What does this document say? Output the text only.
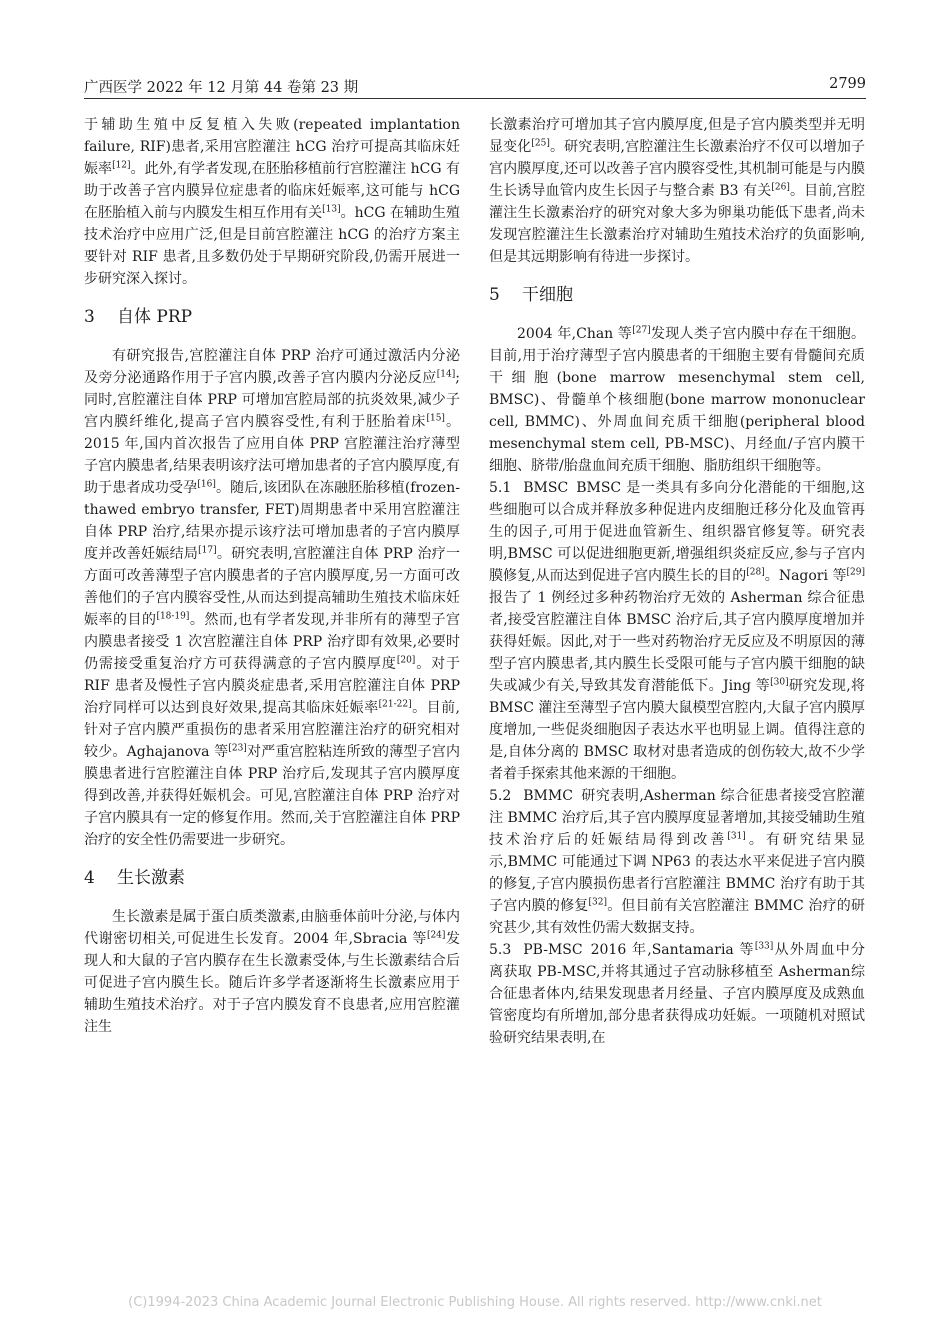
广西医学 2022 年 12 月第 44 卷第 23 期	2799

于辅助生殖中反复植入失败(repeated implantation failure, RIF)患者,采用宫腔灌注 hCG 治疗可提高其临床妊娠率[12]。此外,有学者发现,在胚胎移植前行宫腔灌注 hCG 有助于改善子宫内膜异位症患者的临床妊娠率,这可能与 hCG 在胚胎植入前与内膜发生相互作用有关[13]。hCG 在辅助生殖技术治疗中应用广泛,但是目前宫腔灌注 hCG 的治疗方案主要针对 RIF 患者,且多数仍处于早期研究阶段,仍需开展进一步研究深入探讨。

3 自体 PRP

有研究报告,宫腔灌注自体 PRP 治疗可通过激活内分泌及旁分泌通路作用于子宫内膜,改善子宫内膜内分泌反应[14];同时,宫腔灌注自体 PRP 可增加宫腔局部的抗炎效果,减少子宫内膜纤维化,提高子宫内膜容受性,有利于胚胎着床[15]。2015 年,国内首次报告了应用自体 PRP 宫腔灌注治疗薄型子宫内膜患者,结果表明该疗法可增加患者的子宫内膜厚度,有助于患者成功受孕[16]。随后,该团队在冻融胚胎移植(frozen-thawed embryo transfer, FET)周期患者中采用宫腔灌注自体 PRP 治疗,结果亦提示该疗法可增加患者的子宫内膜厚度并改善妊娠结局[17]。研究表明,宫腔灌注自体 PRP 治疗一方面可改善薄型子宫内膜患者的子宫内膜厚度,另一方面可改善他们的子宫内膜容受性,从而达到提高辅助生殖技术临床妊娠率的目的[18-19]。然而,也有学者发现,并非所有的薄型子宫内膜患者接受 1 次宫腔灌注自体 PRP 治疗即有效果,必要时仍需接受重复治疗方可获得满意的子宫内膜厚度[20]。对于 RIF 患者及慢性子宫内膜炎症患者,采用宫腔灌注自体 PRP 治疗同样可以达到良好效果,提高其临床妊娠率[21-22]。目前,针对子宫内膜严重损伤的患者采用宫腔灌注治疗的研究相对较少。Aghajanova 等[23]对严重宫腔粘连所致的薄型子宫内膜患者进行宫腔灌注自体 PRP 治疗后,发现其子宫内膜厚度得到改善,并获得妊娠机会。可见,宫腔灌注自体 PRP 治疗对子宫内膜具有一定的修复作用。然而,关于宫腔灌注自体 PRP 治疗的安全性仍需要进一步研究。

4 生长激素

生长激素是属于蛋白质类激素,由脑垂体前叶分泌,与体内代谢密切相关,可促进生长发育。2004 年,Sbracia 等[24]发现人和大鼠的子宫内膜存在生长激素受体,与生长激素结合后可促进子宫内膜生长。随后许多学者逐渐将生长激素应用于辅助生殖技术治疗。对于子宫内膜发育不良患者,应用宫腔灌注生

长激素治疗可增加其子宫内膜厚度,但是子宫内膜类型并无明显变化[25]。研究表明,宫腔灌注生长激素治疗不仅可以增加子宫内膜厚度,还可以改善子宫内膜容受性,其机制可能是与内膜生长诱导血管内皮生长因子与整合素 B3 有关[26]。目前,宫腔灌注生长激素治疗的研究对象大多为卵巢功能低下患者,尚未发现宫腔灌注生长激素治疗对辅助生殖技术治疗的负面影响,但是其远期影响有待进一步探讨。

5 干细胞

2004 年,Chan 等[27]发现人类子宫内膜中存在干细胞。目前,用于治疗薄型子宫内膜患者的干细胞主要有骨髓间充质干细胞(bone marrow mesenchymal stem cell, BMSC)、骨髓单个核细胞(bone marrow mononuclear cell, BMMC)、外周血间充质干细胞(peripheral blood mesenchymal stem cell, PB-MSC)、月经血/子宫内膜干细胞、脐带/胎盘血间充质干细胞、脂肪组织干细胞等。

5.1 BMSC BMSC 是一类具有多向分化潜能的干细胞,这些细胞可以合成并释放多种促进内皮细胞迁移分化及血管再生的因子,可用于促进血管新生、组织器官修复等。研究表明,BMSC 可以促进细胞更新,增强组织炎症反应,参与子宫内膜修复,从而达到促进子宫内膜生长的目的[28]。Nagori 等[29]报告了 1 例经过多种药物治疗无效的 Asherman 综合征患者,接受宫腔灌注自体 BMSC 治疗后,其子宫内膜厚度增加并获得妊娠。因此,对于一些对药物治疗无反应及不明原因的薄型子宫内膜患者,其内膜生长受限可能与子宫内膜干细胞的缺失或减少有关,导致其发育潜能低下。Jing 等[30]研究发现,将 BMSC 灌注至薄型子宫内膜大鼠模型宫腔内,大鼠子宫内膜厚度增加,一些促炎细胞因子表达水平也明显上调。值得注意的是,自体分离的 BMSC 取材对患者造成的创伤较大,故不少学者着手探索其他来源的干细胞。

5.2 BMMC 研究表明,Asherman 综合征患者接受宫腔灌注 BMMC 治疗后,其子宫内膜厚度显著增加,其接受辅助生殖技术治疗后的妊娠结局得到改善[31]。有研究结果显示,BMMC 可能通过下调 NP63 的表达水平来促进子宫内膜的修复,子宫内膜损伤患者行宫腔灌注 BMMC 治疗有助于其子宫内膜的修复[32]。但目前有关宫腔灌注 BMMC 治疗的研究甚少,其有效性仍需大数据支持。

5.3 PB-MSC 2016 年,Santamaria 等[33]从外周血中分离获取 PB-MSC,并将其通过子宫动脉移植至 Asherman综合征患者体内,结果发现患者月经量、子宫内膜厚度及成熟血管密度均有所增加,部分患者获得成功妊娠。一项随机对照试验研究结果表明,在

(C)1994-2023 China Academic Journal Electronic Publishing House. All rights reserved. http://www.cnki.net
